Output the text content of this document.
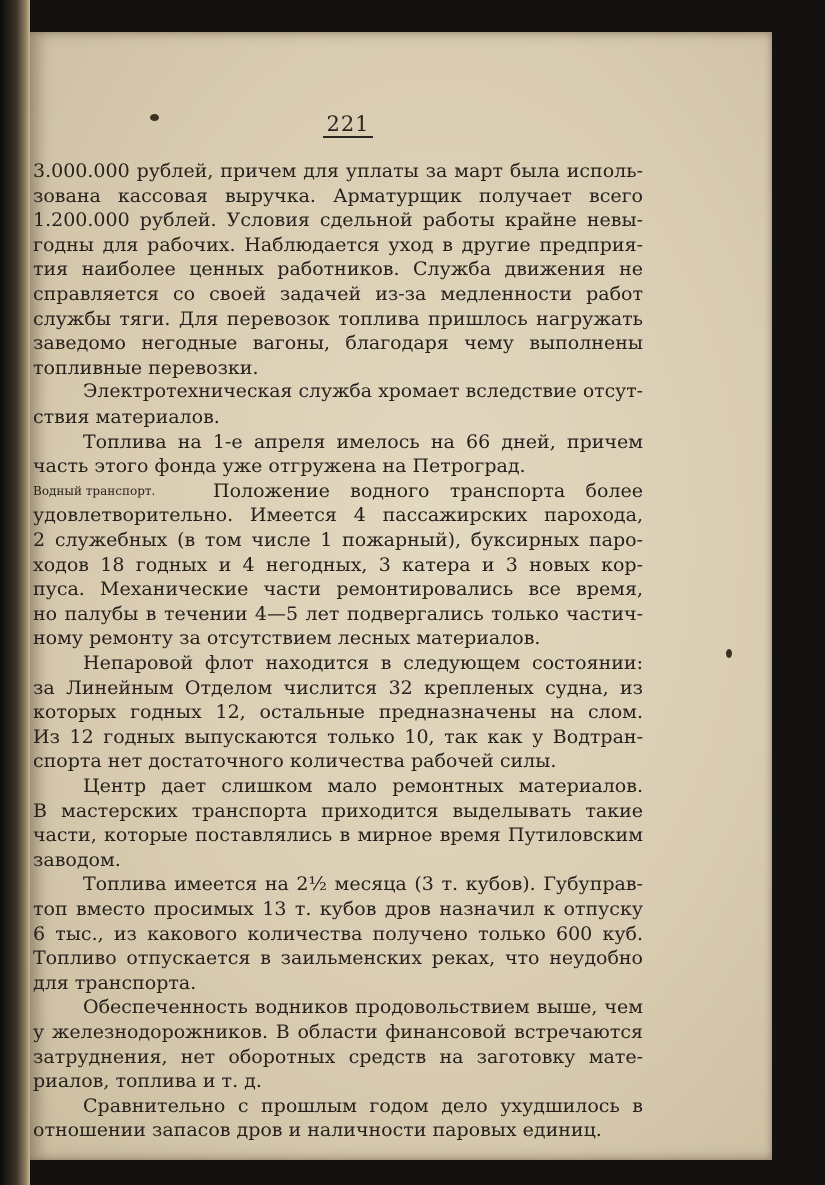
221
Водный транспорт.
3.000.000 рублей, причем для уплаты за март была исполь-
зована кассовая выручка. Арматурщик получает всего
1.200.000 рублей. Условия сдельной работы крайне невы-
годны для рабочих. Наблюдается уход в другие предприя-
тия наиболее ценных работников. Служба движения не
справляется со своей задачей из-за медленности работ
службы тяги. Для перевозок топлива пришлось нагружать
заведомо негодные вагоны, благодаря чему выполнены
топливные перевозки.
Электротехническая служба хромает вследствие отсут-
ствия материалов.
Топлива на 1-е апреля имелось на 66 дней, причем
часть этого фонда уже отгружена на Петроград.
Положение водного транспорта более
удовлетворительно. Имеется 4 пассажирских парохода,
2 служебных (в том числе 1 пожарный), буксирных паро-
ходов 18 годных и 4 негодных, 3 катера и 3 новых кор-
пуса. Механические части ремонтировались все время,
но палубы в течении 4—5 лет подвергались только частич-
ному ремонту за отсутствием лесных материалов.
Непаровой флот находится в следующем состоянии:
за Линейным Отделом числится 32 крепленых судна, из
которых годных 12, остальные предназначены на слом.
Из 12 годных выпускаются только 10, так как у Водтран-
спорта нет достаточного количества рабочей силы.
Центр дает слишком мало ремонтных материалов.
В мастерских транспорта приходится выделывать такие
части, которые поставлялись в мирное время Путиловским
заводом.
Топлива имеется на 2½ месяца (3 т. кубов). Губуправ-
топ вместо просимых 13 т. кубов дров назначил к отпуску
6 тыс., из какового количества получено только 600 куб.
Топливо отпускается в заильменских реках, что неудобно
для транспорта.
Обеспеченность водников продовольствием выше, чем
у железнодорожников. В области финансовой встречаются
затруднения, нет оборотных средств на заготовку мате-
риалов, топлива и т. д.
Сравнительно с прошлым годом дело ухудшилось в
отношении запасов дров и наличности паровых единиц.
